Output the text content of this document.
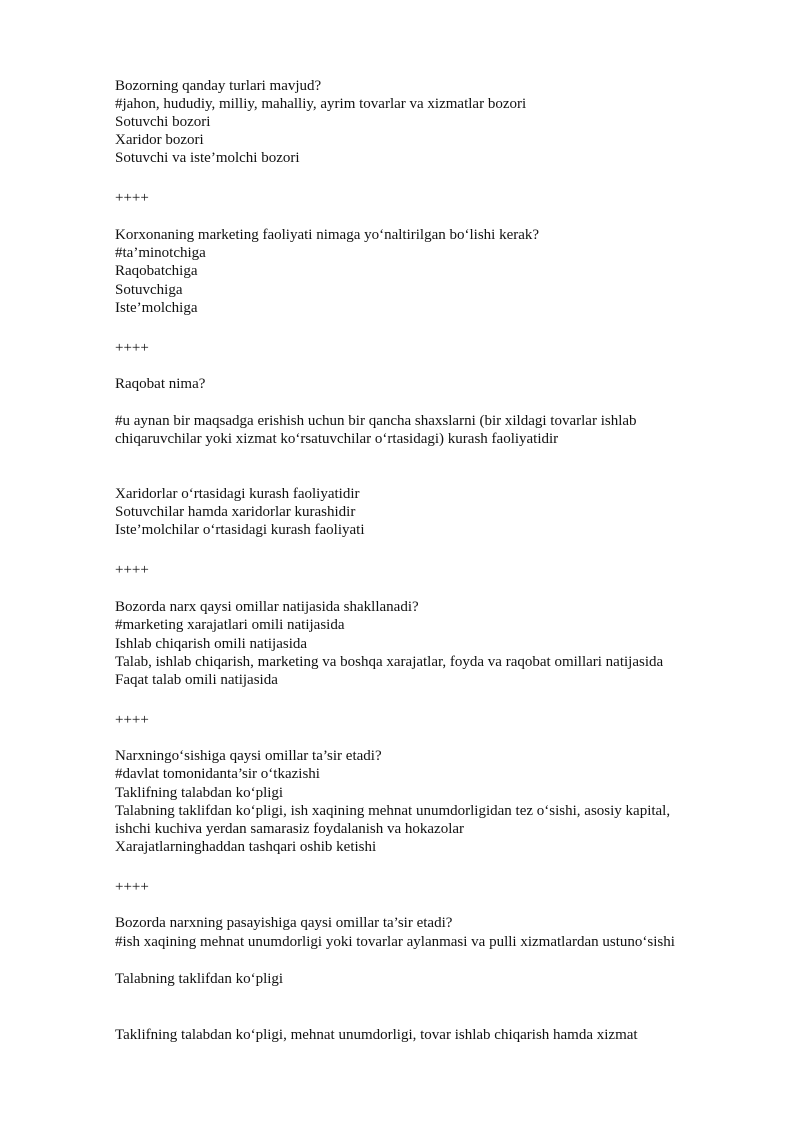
Bozorning qanday turlari mavjud?
#jahon, hududiy, milliy, mahalliy, ayrim tovarlar va xizmatlar bozori
Sotuvchi bozori
Xaridor bozori
Sotuvchi va iste’molchi bozori
++++
Korxonaning marketing faoliyati nimaga yo‘naltirilgan bo‘lishi kerak?
#ta’minotchiga
Raqobatchiga
Sotuvchiga
Iste’molchiga
++++
Raqobat nima?
#u aynan bir maqsadga erishish uchun bir qancha shaxslarni (bir xildagi tovarlar ishlab
chiqaruvchilar yoki xizmat ko‘rsatuvchilar o‘rtasidagi) kurash faoliyatidir
Xaridorlar o‘rtasidagi kurash faoliyatidir
Sotuvchilar hamda xaridorlar kurashidir
Iste’molchilar o‘rtasidagi kurash faoliyati
++++
Bozorda narx qaysi omillar natijasida shakllanadi?
#marketing xarajatlari omili natijasida
Ishlab chiqarish omili natijasida
Talab, ishlab chiqarish, marketing va boshqa xarajatlar, foyda va raqobat omillari natijasida
Faqat talab omili natijasida
++++
Narxningo‘sishiga qaysi omillar ta’sir etadi?
#davlat tomonidanta’sir o‘tkazishi
Taklifning talabdan ko‘pligi
Talabning taklifdan ko‘pligi, ish xaqining mehnat unumdorligidan tez o‘sishi, asosiy kapital,
ishchi kuchiva yerdan samarasiz foydalanish va hokazolar
Xarajatlarninghaddan tashqari oshib ketishi
++++
Bozorda narxning pasayishiga qaysi omillar ta’sir etadi?
#ish xaqining mehnat unumdorligi yoki tovarlar aylanmasi va pulli xizmatlardan ustuno‘sishi
Talabning taklifdan ko‘pligi
Taklifning talabdan ko‘pligi, mehnat unumdorligi, tovar ishlab chiqarish hamda xizmat
